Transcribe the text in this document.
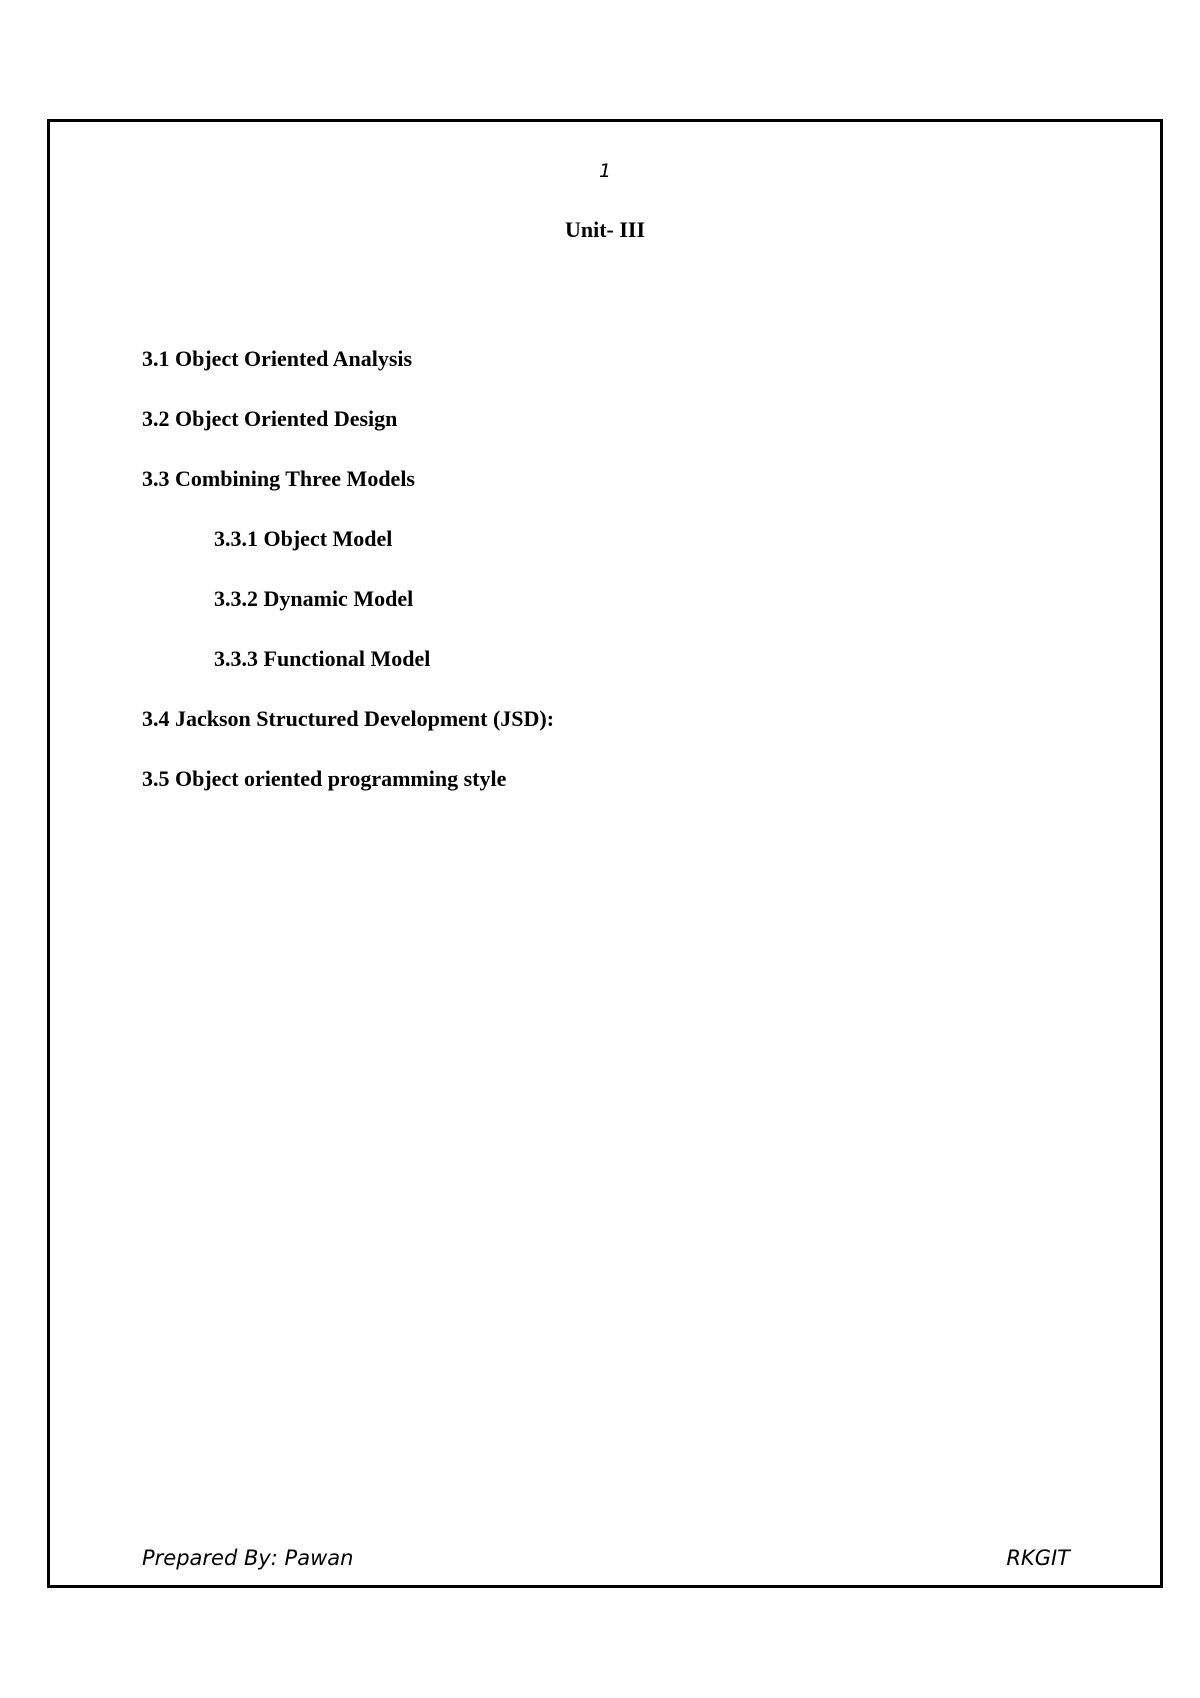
1
Unit- III
3.1 Object Oriented Analysis
3.2 Object Oriented Design
3.3 Combining Three Models
3.3.1 Object Model
3.3.2 Dynamic Model
3.3.3 Functional Model
3.4 Jackson Structured Development (JSD):
3.5 Object oriented programming style
Prepared By: Pawan	RKGIT
